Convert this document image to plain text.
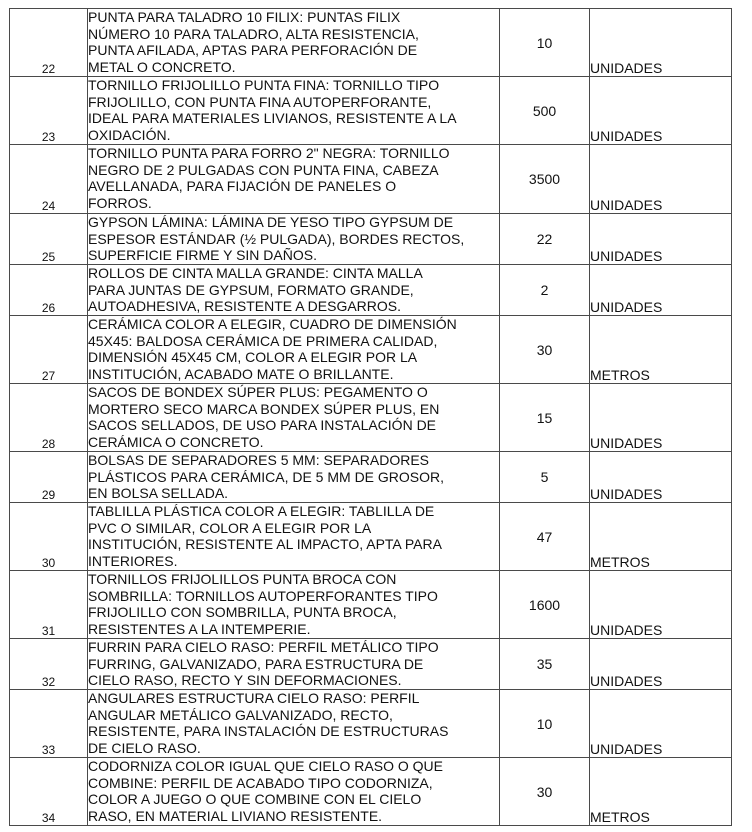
22	PUNTA PARA TALADRO 10 FILIX: PUNTAS FILIX
NÚMERO 10 PARA TALADRO, ALTA RESISTENCIA,
PUNTA AFILADA, APTAS PARA PERFORACIÓN DE
METAL O CONCRETO.	10	UNIDADES
23	TORNILLO FRIJOLILLO PUNTA FINA: TORNILLO TIPO
FRIJOLILLO, CON PUNTA FINA AUTOPERFORANTE,
IDEAL PARA MATERIALES LIVIANOS, RESISTENTE A LA
OXIDACIÓN.	500	UNIDADES
24	TORNILLO PUNTA PARA FORRO 2" NEGRA: TORNILLO
NEGRO DE 2 PULGADAS CON PUNTA FINA, CABEZA
AVELLANADA, PARA FIJACIÓN DE PANELES O
FORROS.	3500	UNIDADES
25	GYPSON LÁMINA: LÁMINA DE YESO TIPO GYPSUM DE
ESPESOR ESTÁNDAR (½ PULGADA), BORDES RECTOS,
SUPERFICIE FIRME Y SIN DAÑOS.	22	UNIDADES
26	ROLLOS DE CINTA MALLA GRANDE: CINTA MALLA
PARA JUNTAS DE GYPSUM, FORMATO GRANDE,
AUTOADHESIVA, RESISTENTE A DESGARROS.	2	UNIDADES
27	CERÁMICA COLOR A ELEGIR, CUADRO DE DIMENSIÓN
45X45: BALDOSA CERÁMICA DE PRIMERA CALIDAD,
DIMENSIÓN 45X45 CM, COLOR A ELEGIR POR LA
INSTITUCIÓN, ACABADO MATE O BRILLANTE.	30	METROS
28	SACOS DE BONDEX SÚPER PLUS: PEGAMENTO O
MORTERO SECO MARCA BONDEX SÚPER PLUS, EN
SACOS SELLADOS, DE USO PARA INSTALACIÓN DE
CERÁMICA O CONCRETO.	15	UNIDADES
29	BOLSAS DE SEPARADORES 5 MM: SEPARADORES
PLÁSTICOS PARA CERÁMICA, DE 5 MM DE GROSOR,
EN BOLSA SELLADA.	5	UNIDADES
30	TABLILLA PLÁSTICA COLOR A ELEGIR: TABLILLA DE
PVC O SIMILAR, COLOR A ELEGIR POR LA
INSTITUCIÓN, RESISTENTE AL IMPACTO, APTA PARA
INTERIORES.	47	METROS
31	TORNILLOS FRIJOLILLOS PUNTA BROCA CON
SOMBRILLA: TORNILLOS AUTOPERFORANTES TIPO
FRIJOLILLO CON SOMBRILLA, PUNTA BROCA,
RESISTENTES A LA INTEMPERIE.	1600	UNIDADES
32	FURRIN PARA CIELO RASO: PERFIL METÁLICO TIPO
FURRING, GALVANIZADO, PARA ESTRUCTURA DE
CIELO RASO, RECTO Y SIN DEFORMACIONES.	35	UNIDADES
33	ANGULARES ESTRUCTURA CIELO RASO: PERFIL
ANGULAR METÁLICO GALVANIZADO, RECTO,
RESISTENTE, PARA INSTALACIÓN DE ESTRUCTURAS
DE CIELO RASO.	10	UNIDADES
34	CODORNIZA COLOR IGUAL QUE CIELO RASO O QUE
COMBINE: PERFIL DE ACABADO TIPO CODORNIZA,
COLOR A JUEGO O QUE COMBINE CON EL CIELO
RASO, EN MATERIAL LIVIANO RESISTENTE.	30	METROS
